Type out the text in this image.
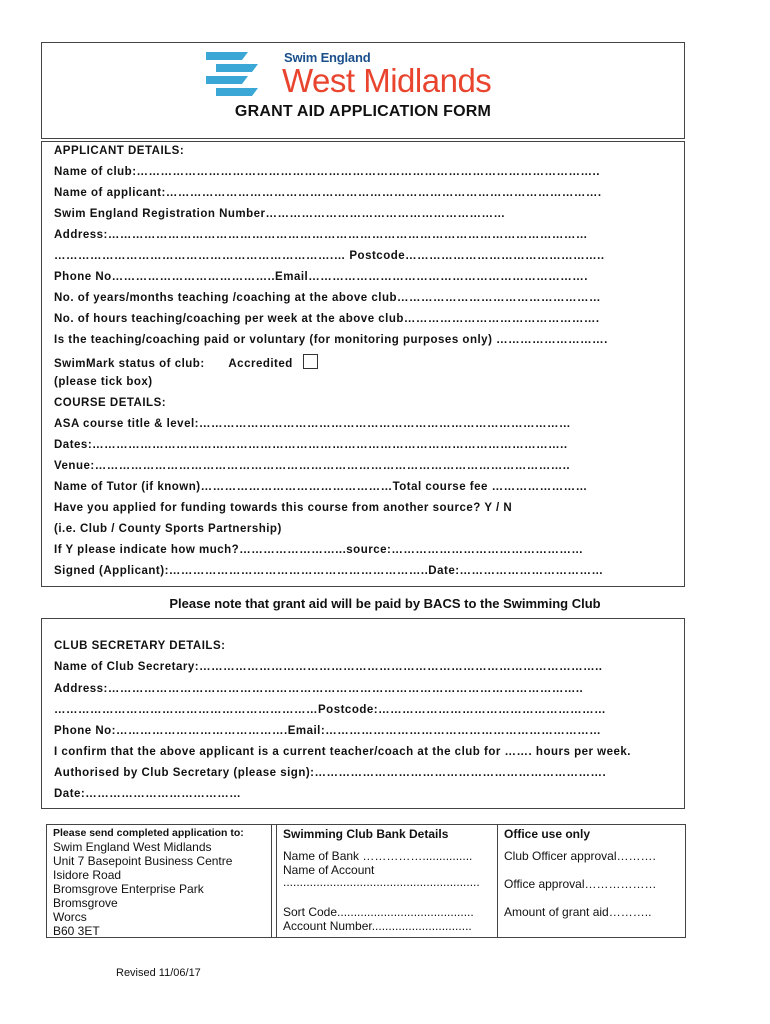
Swim England
West Midlands
GRANT AID APPLICATION FORM
APPLICANT DETAILS:
Name of club:……………………………………………………………………………………………………..
Name of applicant:……………………………………………………………………………………………….
Swim England Registration Number……………………………………………………
Address:…………………………………………………………………………………………………………
…………………………………………………………….… Postcode…………………………………………..
Phone No…………………………………..Email…………………………………………………………….
No. of years/months teaching /coaching at the above club……………………………………………
No. of hours teaching/coaching per week at the above club………………………………………….
Is the teaching/coaching paid or voluntary (for monitoring purposes only) ……………………….
SwimMark status of club: Accredited
(please tick box)
COURSE DETAILS:
ASA course title & level:…………………………………………………………………………………
Dates:………………………………………………………………………………………………………..
Venue:………………………………………………………………………………………………………..
Name of Tutor (if known)…………………………………………Total course fee ……………………
Have you applied for funding towards this course from another source? Y / N
(i.e. Club / County Sports Partnership)
If Y please indicate how much?……………………...source:…………………………………………
Signed (Applicant):………………………………………………………..Date:………………………………
Please note that grant aid will be paid by BACS to the Swimming Club
CLUB SECRETARY DETAILS:
Name of Club Secretary:………………………………………………………………………………………..
Address:………………………………………………………………………………………………………..
…………………………………………………………Postcode:…………………………………………………
Phone No:…………………………………….Email:……………………………………………………………
I confirm that the above applicant is a current teacher/coach at the club for ……. hours per week.
Authorised by Club Secretary (please sign):……………………………………………………………….
Date:…………………………………
Please send completed application to:
Swim England West Midlands
Unit 7 Basepoint Business Centre
Isidore Road
Bromsgrove Enterprise Park
Bromsgrove
Worcs
B60 3ET
Swimming Club Bank Details
Name of Bank ……………...............
Name of Account
...........................................................
Sort Code.........................................
Account Number..............................
Office use only
Club Officer approval……….
Office approval………………
Amount of grant aid………..
Revised 11/06/17
